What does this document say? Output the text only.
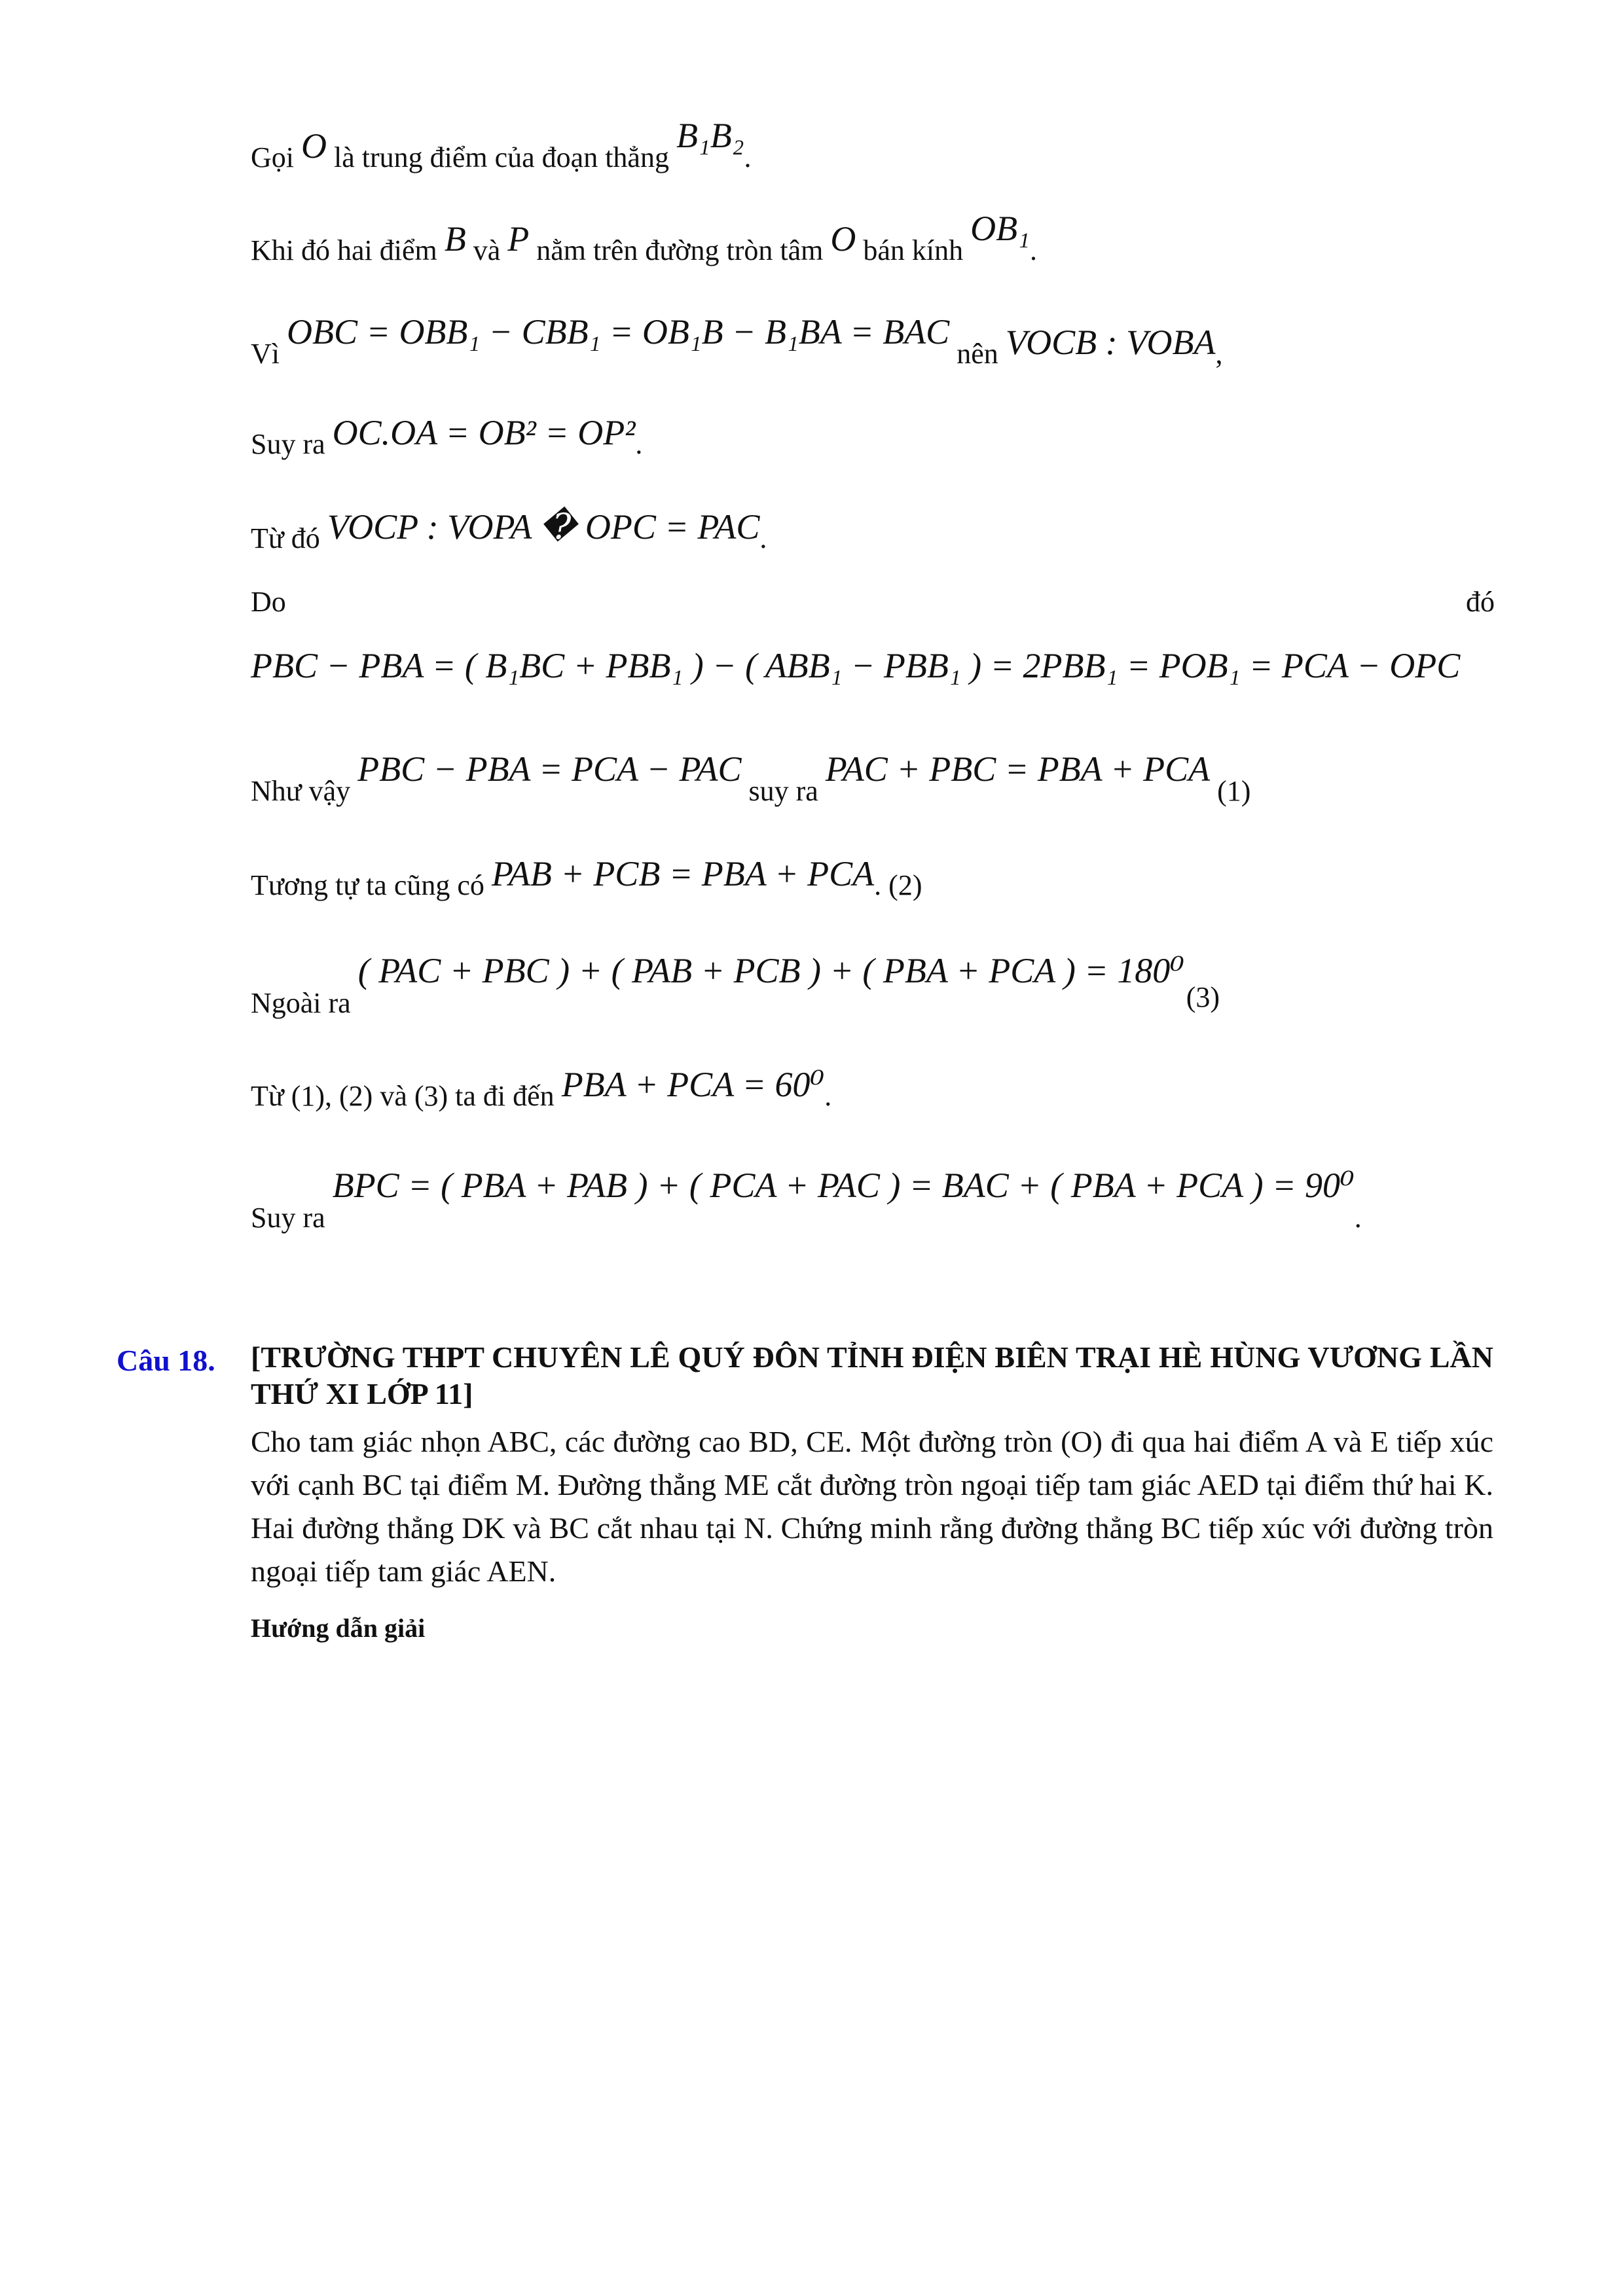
Gọi O là trung điểm của đoạn thẳng B₁B₂.
Khi đó hai điểm B và P nằm trên đường tròn tâm O bán kính OB₁.
Vì OBC = OBB₁ − CBB₁ = OB₁B − B₁BA = BAC nên VOCB : VOBA,
Suy ra OC.OA = OB² = OP².
Từ đó VOCP : VOPA � OPC = PAC.
Do	đó
PBC − PBA = ( B₁BC + PBB₁ ) − ( ABB₁ − PBB₁ ) = 2PBB₁ = POB₁ = PCA − OPC
Như vậy PBC − PBA = PCA − PAC suy ra PAC + PBC = PBA + PCA (1)
Tương tự ta cũng có PAB + PCB = PBA + PCA. (2)
Ngoài ra ( PAC + PBC ) + ( PAB + PCB ) + ( PBA + PCA ) = 180⁰
(3)
Từ (1), (2) và (3) ta đi đến PBA + PCA = 60⁰.
Suy ra BPC = ( PBA + PAB ) + ( PCA + PAC ) = BAC + ( PBA + PCA ) = 90⁰.
Câu 18. [TRƯỜNG THPT CHUYÊN LÊ QUÝ ĐÔN TỈNH ĐIỆN BIÊN TRẠI HÈ HÙNG VƯƠNG LẦN THỨ XI LỚP 11]
Cho tam giác nhọn ABC, các đường cao BD, CE. Một đường tròn (O) đi qua hai điểm A và E tiếp xúc với cạnh BC tại điểm M. Đường thẳng ME cắt đường tròn ngoại tiếp tam giác AED tại điểm thứ hai K. Hai đường thẳng DK và BC cắt nhau tại N. Chứng minh rằng đường thẳng BC tiếp xúc với đường tròn ngoại tiếp tam giác AEN.
Hướng dẫn giải
